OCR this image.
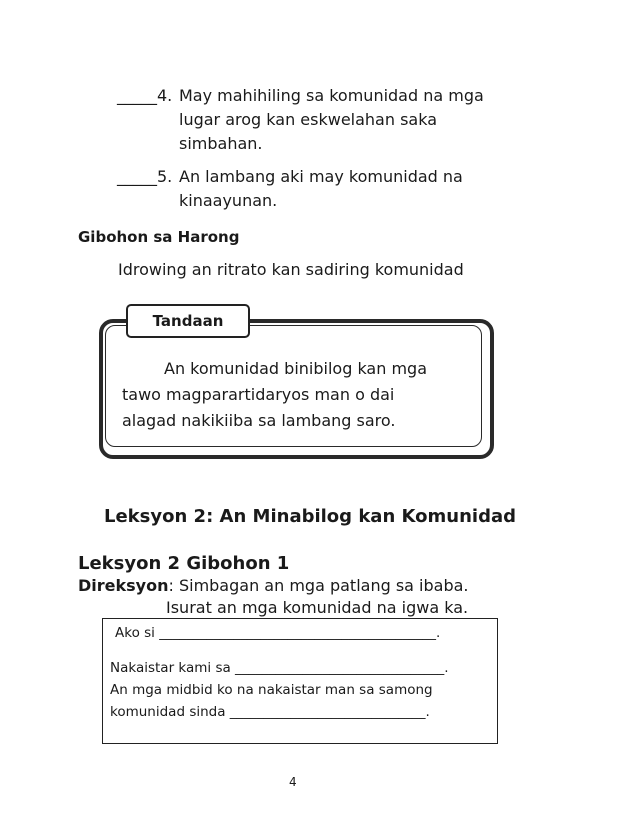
_____4. May mahihiling sa komunidad na mga
lugar arog kan eskwelahan saka
simbahan.
_____5. An lambang aki may komunidad na
kinaayunan.
Gibohon sa Harong
Idrowing an ritrato kan sadiring komunidad
Tandaan
An komunidad binibilog kan mga
tawo magparartidaryos man o dai
alagad nakikiiba sa lambang saro.
Leksyon 2: An Minabilog kan Komunidad
Leksyon 2 Gibohon 1
Direksyon: Simbagan an mga patlang sa ibaba.
Isurat an mga komunidad na igwa ka.
Ako si _________________________________________.
Nakaistar kami sa _______________________________.
An mga midbid ko na nakaistar man sa samong
komunidad sinda _____________________________.
4
